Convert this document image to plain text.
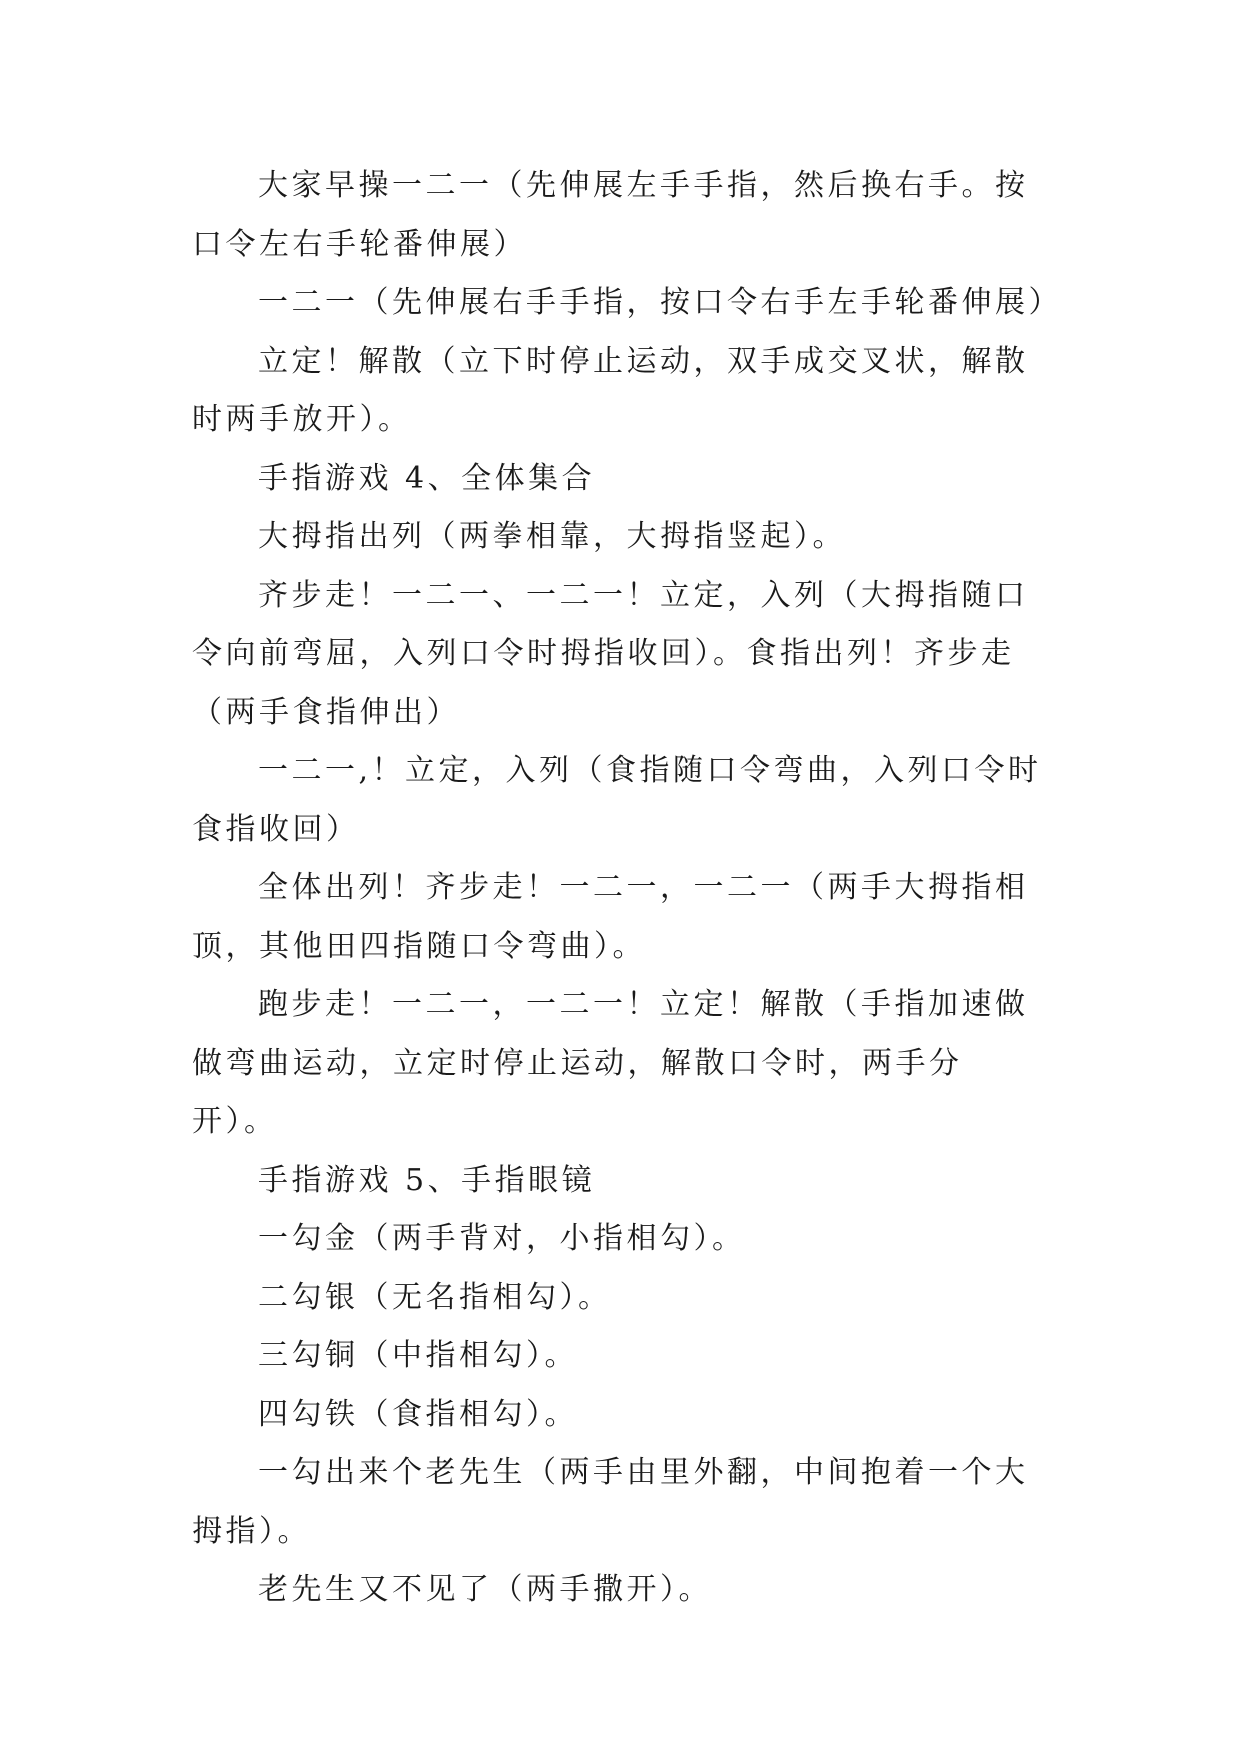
大家早操一二一（先伸展左手手指，然后换右手。按口令左右手轮番伸展）

一二一（先伸展右手手指，按口令右手左手轮番伸展）

立定！解散（立下时停止运动，双手成交叉状，解散时两手放开）。

手指游戏 4、全体集合

大拇指出列（两拳相靠，大拇指竖起）。

齐步走！一二一、一二一！立定，入列（大拇指随口令向前弯屈，入列口令时拇指收回）。食指出列！齐步走（两手食指伸出）

一二一,！立定，入列（食指随口令弯曲，入列口令时食指收回）

全体出列！齐步走！一二一，一二一（两手大拇指相顶，其他田四指随口令弯曲）。

跑步走！一二一，一二一！立定！解散（手指加速做做弯曲运动，立定时停止运动，解散口令时，两手分开）。

手指游戏 5、手指眼镜

一勾金（两手背对，小指相勾）。

二勾银（无名指相勾）。

三勾铜（中指相勾）。

四勾铁（食指相勾）。

一勾出来个老先生（两手由里外翻，中间抱着一个大拇指）。

老先生又不见了（两手撒开）。
